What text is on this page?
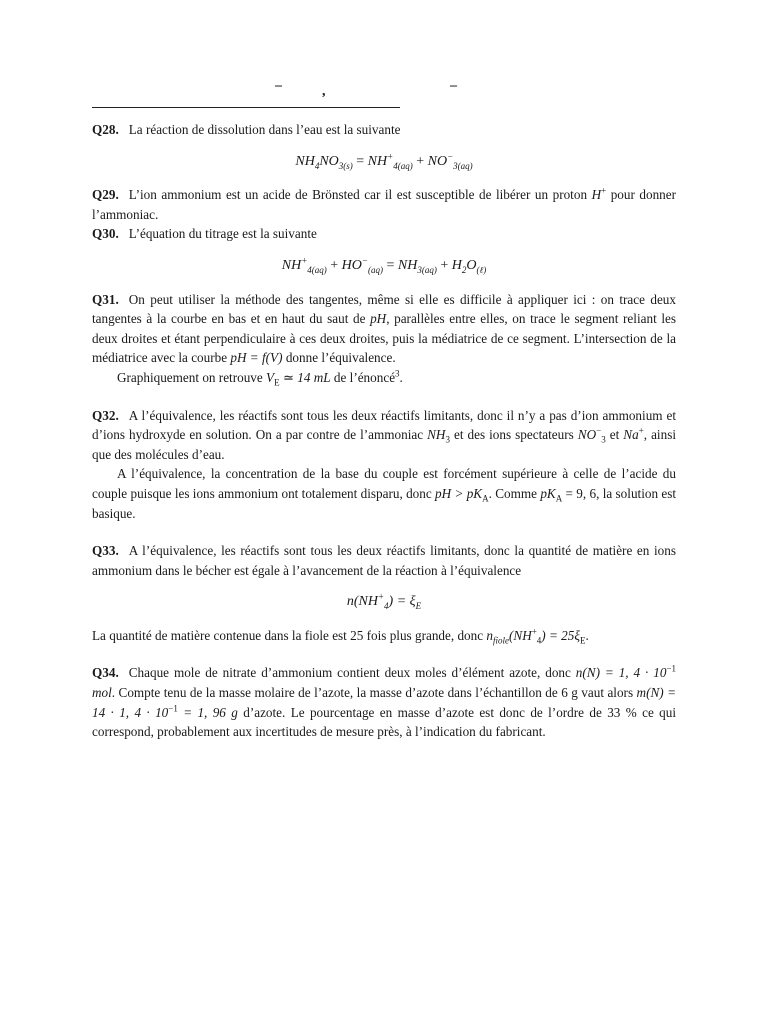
–	,	–

Q28. La réaction de dissolution dans l’eau est la suivante

$NH_4NO_{3(s)} = NH^+_{4(aq)} + NO^-_{3(aq)}$

Q29. L’ion ammonium est un acide de Brönsted car il est susceptible de libérer un proton H+ pour donner l’ammoniac.

Q30. L’équation du titrage est la suivante

$NH^+_{4(aq)} + HO^-_{(aq)} = NH_{3(aq)} + H_2O_{(\ell)}$

Q31. On peut utiliser la méthode des tangentes, même si elle es difficile à appliquer ici : on trace deux tangentes à la courbe en bas et en haut du saut de pH, parallèles entre elles, on trace le segment reliant les deux droites et étant perpendiculaire à ces deux droites, puis la médiatrice de ce segment. L’intersection de la médiatrice avec la courbe pH = f(V) donne l’équivalence.

Graphiquement on retrouve $V_E$ ≃ 14 mL de l’énoncé$^3$.

Q32. A l’équivalence, les réactifs sont tous les deux réactifs limitants, donc il n’y a pas d’ion ammonium et d’ions hydroxyde en solution. On a par contre de l’ammoniac $NH_3$ et des ions spectateurs $NO^-_3$ et Na+, ainsi que des molécules d’eau.

A l’équivalence, la concentration de la base du couple est forcément supérieure à celle de l’acide du couple puisque les ions ammonium ont totalement disparu, donc pH > $pK_A$. Comme $pK_A = 9$, 6, la solution est basique.

Q33. A l’équivalence, les réactifs sont tous les deux réactifs limitants, donc la quantité de matière en ions ammonium dans le bécher est égale à l’avancement de la réaction à l’équivalence

$n(NH^+_4) = \xi_E$

La quantité de matière contenue dans la fiole est 25 fois plus grande, donc $n_{fiole}(NH^+_4) = 25\xi_E$.

Q34. Chaque mole de nitrate d’ammonium contient deux moles d’élément azote, donc n(N) = 1, $4 \cdot 10^{-1}$ mol. Compte tenu de la masse molaire de l’azote, la masse d’azote dans l’échantillon de 6 g vaut alors m(N) = 14 · 1, $4 \cdot 10^{-1} = 1$, 96 g d’azote. Le pourcentage en masse d’azote est donc de l’ordre de 33 % ce qui correspond, probablement aux incertitudes de mesure près, à l’indication du fabricant.
